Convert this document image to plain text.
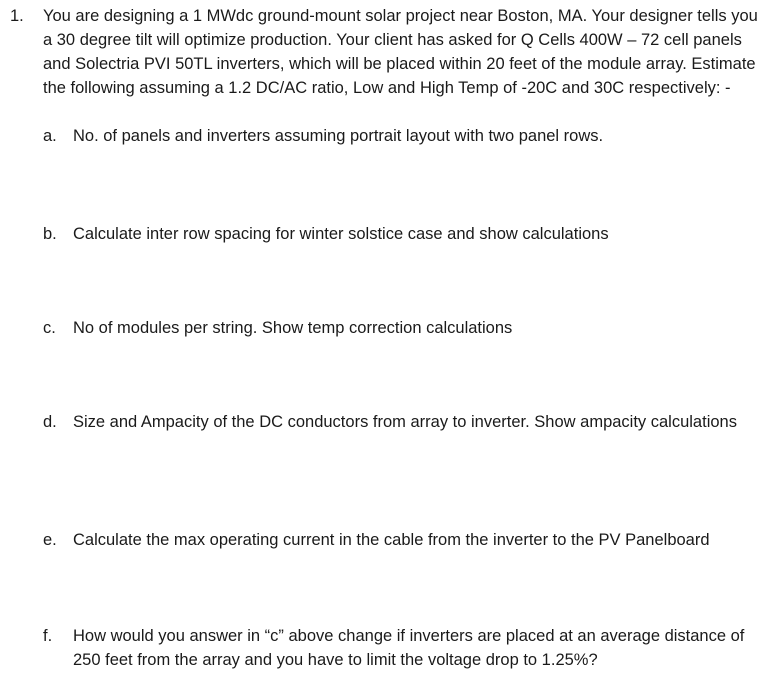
1. You are designing a 1 MWdc ground-mount solar project near Boston, MA. Your designer tells you a 30 degree tilt will optimize production. Your client has asked for Q Cells 400W – 72 cell panels and Solectria PVI 50TL inverters, which will be placed within 20 feet of the module array. Estimate the following assuming a 1.2 DC/AC ratio, Low and High Temp of -20C and 30C respectively: -
a. No. of panels and inverters assuming portrait layout with two panel rows.
b. Calculate inter row spacing for winter solstice case and show calculations
c. No of modules per string. Show temp correction calculations
d. Size and Ampacity of the DC conductors from array to inverter. Show ampacity calculations
e. Calculate the max operating current in the cable from the inverter to the PV Panelboard
f. How would you answer in “c” above change if inverters are placed at an average distance of 250 feet from the array and you have to limit the voltage drop to 1.25%?
